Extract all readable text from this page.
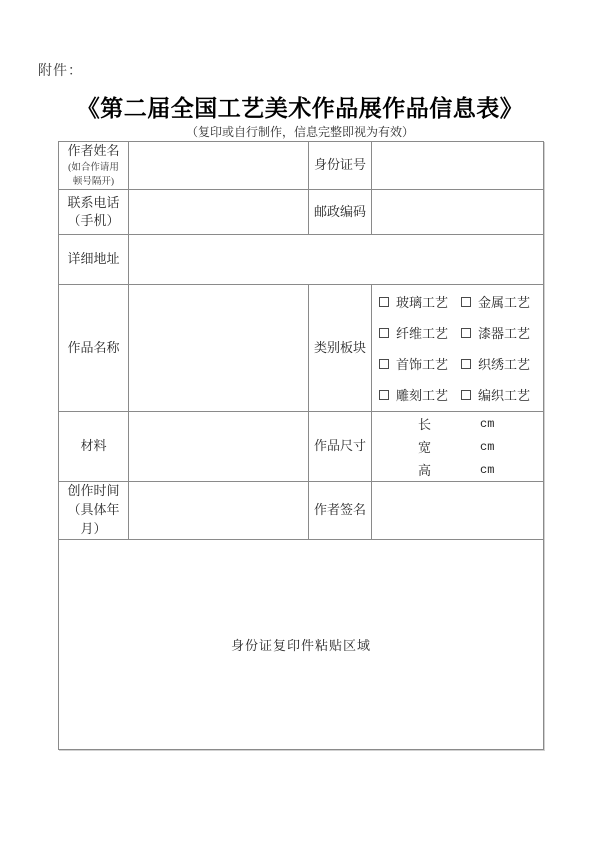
附件：
《第二届全国工艺美术作品展作品信息表》
（复印或自行制作，信息完整即视为有效）
作者姓名
(如合作请用
顿号隔开)		身份证号	

联系电话
（手机）		邮政编码	
详细地址			
作品名称		类别板块	
玻璃工艺 金属工艺
纤维工艺 漆器工艺
首饰工艺 织绣工艺
雕刻工艺 编织工艺

材料		作品尺寸	
长	cm
宽	cm
高	cm

创作时间
（具体年
月）		作者签名	
身份证复印件粘贴区域			
